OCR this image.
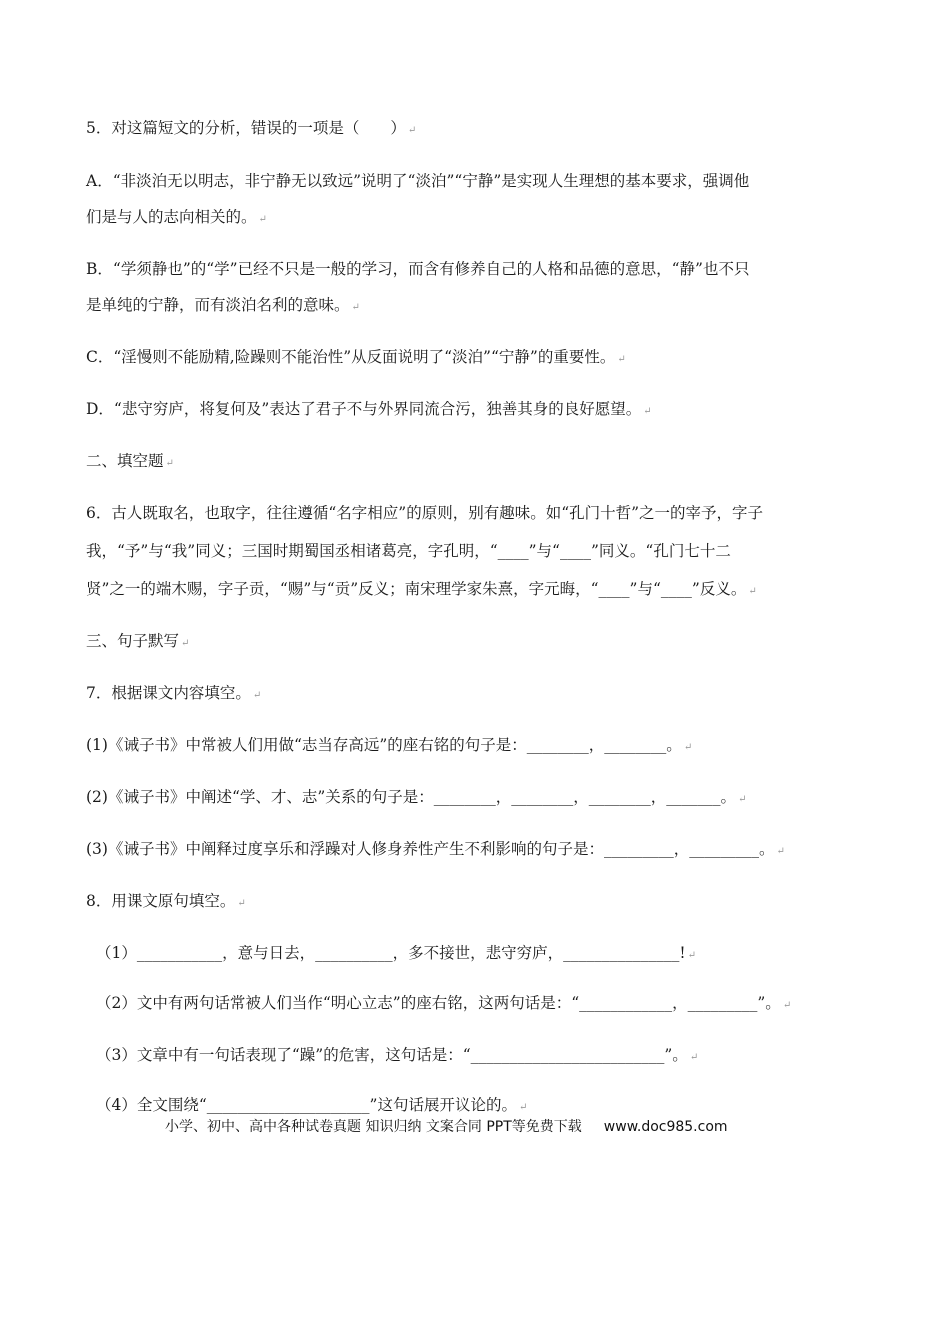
5．对这篇短文的分析，错误的一项是（　　） ↵
A．“非淡泊无以明志，非宁静无以致远”说明了“淡泊”“宁静”是实现人生理想的基本要求，强调他
们是与人的志向相关的。 ↵
B．“学须静也”的“学”已经不只是一般的学习，而含有修养自己的人格和品德的意思，“静”也不只
是单纯的宁静，而有淡泊名利的意味。 ↵
C．“淫慢则不能励精,险躁则不能治性”从反面说明了“淡泊”“宁静”的重要性。 ↵
D．“悲守穷庐，将复何及”表达了君子不与外界同流合污，独善其身的良好愿望。 ↵
二、填空题 ↵
6．古人既取名，也取字，往往遵循“名字相应”的原则，别有趣味。如“孔门十哲”之一的宰予，字子
我，“予”与“我”同义；三国时期蜀国丞相诸葛亮，字孔明，“____”与“____”同义。“孔门七十二
贤”之一的端木赐，字子贡，“赐”与“贡”反义；南宋理学家朱熹，字元晦，“____”与“____”反义。 ↵
三、句子默写 ↵
7．根据课文内容填空。 ↵
(1)《诫子书》中常被人们用做“志当存高远”的座右铭的句子是：________，________。 ↵
(2)《诫子书》中阐述“学、才、志”关系的句子是：________，________，________，_______。 ↵
(3)《诫子书》中阐释过度享乐和浮躁对人修身养性产生不利影响的句子是：_________，_________。 ↵
8．用课文原句填空。 ↵
（1）___________，意与日去，__________，多不接世，悲守穷庐，_______________! ↵
（2）文中有两句话常被人们当作“明心立志”的座右铭，这两句话是：“____________，_________”。 ↵
（3）文章中有一句话表现了“躁”的危害，这句话是：“_________________________”。 ↵
（4）全文围绕“_____________________”这句话展开议论的。 ↵
小学、初中、高中各种试卷真题 知识归纳 文案合同 PPT等免费下载 www.doc985.com
